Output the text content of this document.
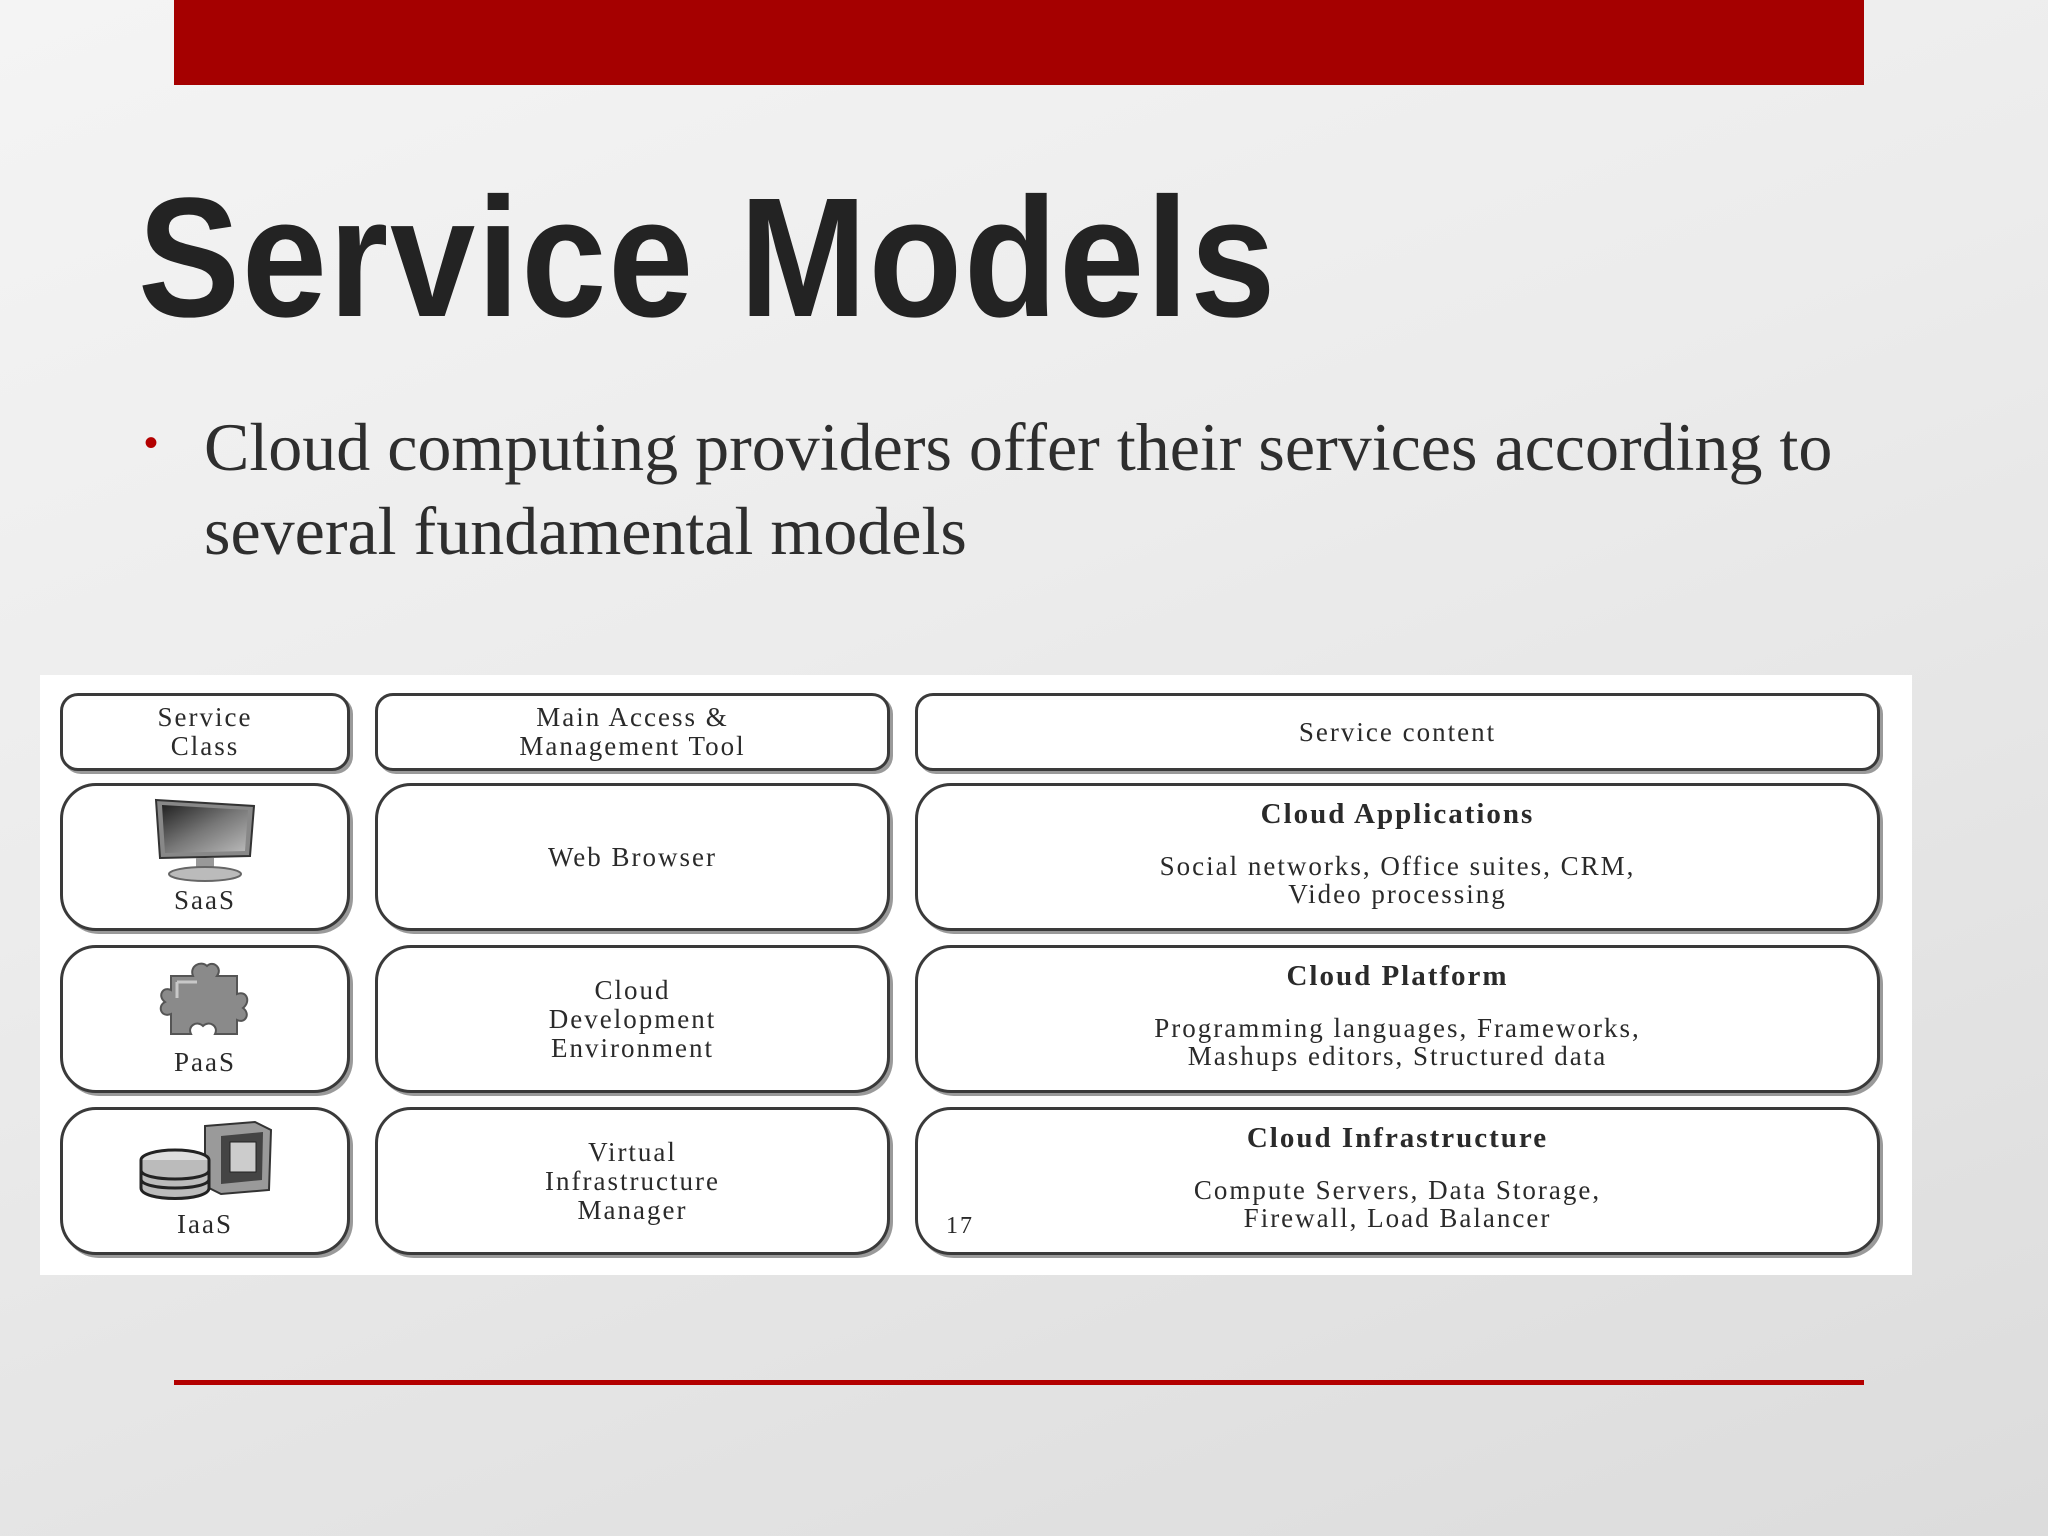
Service Models
• Cloud computing providers offer their services according to several fundamental models

Service
Class
Main Access &
Management Tool	Service content
SaaS
Web Browser
Cloud Applications
Social networks, Office suites, CRM,
Video processing
PaaS
Cloud
Development
Environment
Cloud Platform
Programming languages, Frameworks,
Mashups editors, Structured data
IaaS
Virtual
Infrastructure
Manager
Cloud Infrastructure
Compute Servers, Data Storage,
Firewall, Load Balancer
17
